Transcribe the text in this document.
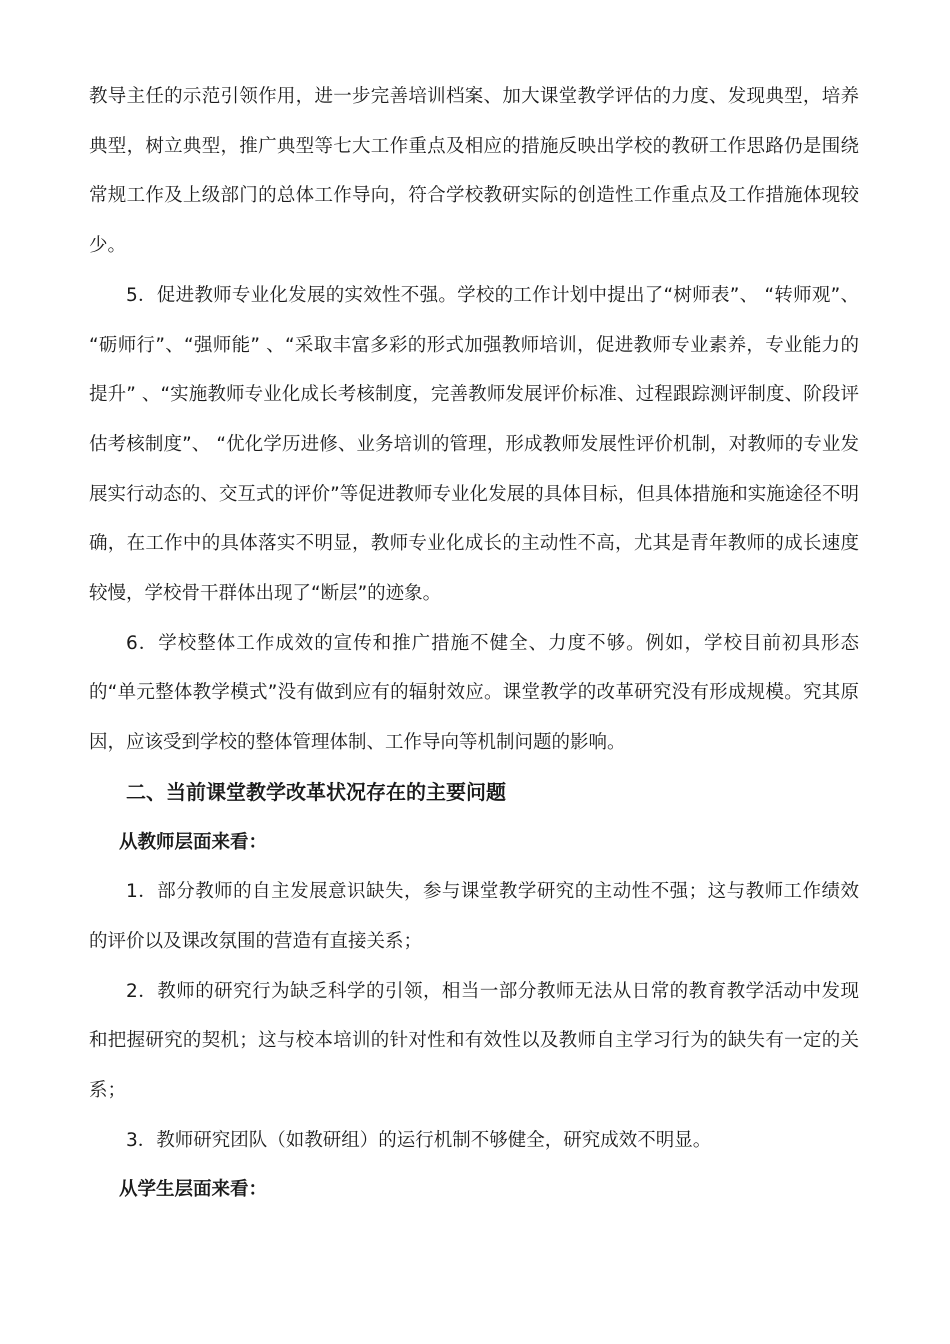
教导主任的示范引领作用，进一步完善培训档案、加大课堂教学评估的力度、发现典型，培养典型，树立典型，推广典型等七大工作重点及相应的措施反映出学校的教研工作思路仍是围绕常规工作及上级部门的总体工作导向，符合学校教研实际的创造性工作重点及工作措施体现较少。

5．促进教师专业化发展的实效性不强。学校的工作计划中提出了“树师表”、 “转师观”、 “砺师行”、“强师能” 、“采取丰富多彩的形式加强教师培训，促进教师专业素养，专业能力的提升” 、“实施教师专业化成长考核制度，完善教师发展评价标准、过程跟踪测评制度、阶段评估考核制度”、 “优化学历进修、业务培训的管理，形成教师发展性评价机制，对教师的专业发展实行动态的、交互式的评价”等促进教师专业化发展的具体目标，但具体措施和实施途径不明确，在工作中的具体落实不明显，教师专业化成长的主动性不高，尤其是青年教师的成长速度较慢，学校骨干群体出现了“断层”的迹象。

6．学校整体工作成效的宣传和推广措施不健全、力度不够。例如，学校目前初具形态的“单元整体教学模式”没有做到应有的辐射效应。课堂教学的改革研究没有形成规模。究其原因，应该受到学校的整体管理体制、工作导向等机制问题的影响。

二、当前课堂教学改革状况存在的主要问题

从教师层面来看：

1．部分教师的自主发展意识缺失，参与课堂教学研究的主动性不强；这与教师工作绩效的评价以及课改氛围的营造有直接关系；

2．教师的研究行为缺乏科学的引领，相当一部分教师无法从日常的教育教学活动中发现和把握研究的契机；这与校本培训的针对性和有效性以及教师自主学习行为的缺失有一定的关系；

3．教师研究团队（如教研组）的运行机制不够健全，研究成效不明显。

从学生层面来看：
